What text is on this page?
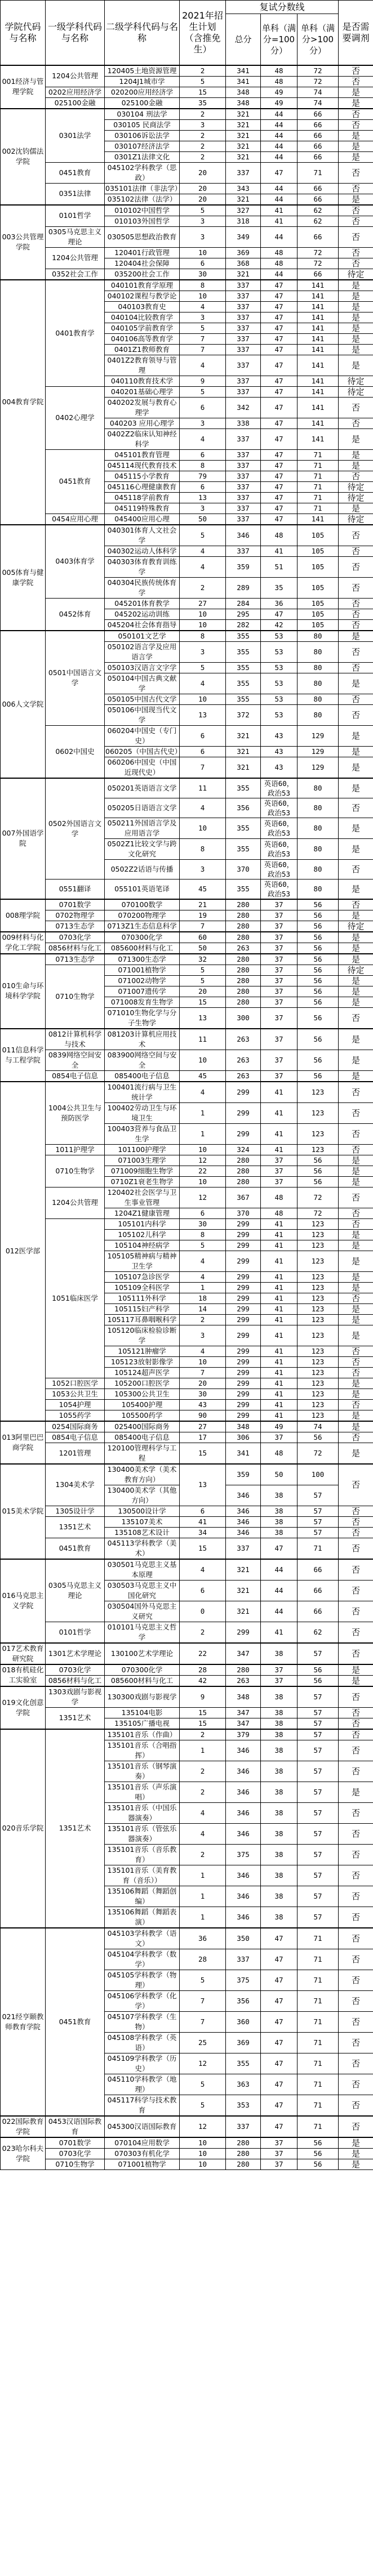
学院代码与名称	一级学科代码与名称	二级学科代码与名称	2021年招生计划（含推免生）	复试分数线			是否需要调剂
				总分	单科（满分=100分）	单科（满分>100分）	
001经济与管理学院	1204公共管理	120405土地资源管理	2	341	48	72	否
		1204J1城市学	5	341	48	72	否
	0202应用经济学	020200应用经济学	15	348	49	74	是
	025100金融	025100金融	35	348	49	74	是
002沈钧儒法学院	0301法学	030104 刑法学	2	321	44	66	否
		030105 民商法学	3	321	44	66	否
		030106诉讼法学	2	321	44	66	是
		030107经济法学	2	321	44	66	是
		0301Z1法律文化	2	321	44	66	是
	0451教育	045102学科教学（思政）	20	337	47	71	否
	0351法律	035101法律（非法学）	20	343	44	66	否
		035102法律（法学）	20	321	44	66	是
003公共管理学院	0101哲学	010102中国哲学	5	327	41	62	否
		010103外国哲学	3	318	41	62	否
	0305马克思主义理论	030505思想政治教育	3	349	44	66	否
	1204公共管理	120401行政管理	10	369	48	72	否
		120404社会保障	6	368	48	72	否
	0352社会工作	035200社会工作	30	321	44	66	待定
004教育学院	0401教育学	040101教育学原理	8	337	47	141	是
		040102课程与教学论	10	337	47	141	是
		040103教育史	4	337	47	141	是
		040104比较教育学	3	337	47	141	是
		040105学前教育学	5	337	47	141	是
		040106高等教育学	7	337	47	141	是
		0401Z1教师教育	7	337	47	141	是
		0401Z2教育领导与管理	4	337	47	141	是
		040110教育技术学	9	337	47	141	待定
	0402心理学	040201基础心理学	5	337	47	141	待定
		040202发展与教育心理学	6	342	47	141	否
		040203 应用心理学	3	338	47	141	否
		0402Z2临床认知神经科学	4	337	47	141	是
	0451教育	045101教育管理	6	337	47	71	是
		045114现代教育技术	8	337	47	71	是
		045115小学教育	79	337	47	71	否
		045116心理健康教育	6	337	47	71	待定
		045118学前教育	13	337	47	71	待定
		045119特殊教育	3	337	47	71	是
	0454应用心理	045400应用心理	50	337	47	141	待定
005体育与健康学院	0403体育学	040301体育人文社会学	5	346	48	105	否
		040302运动人体科学	4	337	41	105	否
		040303体育教育训练学	4	359	51	105	否
		040304民族传统体育学	2	289	35	105	否
	0452体育	045201体育教学	27	284	36	105	否
		045202运动训练	10	295	47	105	否
		045204社会体育指导	10	282	42	105	否
006人文学院	0501中国语言文学	050101文艺学	8	355	53	80	是
		050102语言学及应用语言学	3	355	53	80	否
		050103汉语言文字学	5	355	53	80	否
		050104中国古典文献学	4	355	53	80	是
		050105中国古代文学	10	355	53	80	否
		050106中国现当代文学	13	372	53	80	否
	0602中国史	060204中国史（专门史）	6	321	43	129	是
		060205（中国古代史）	6	321	43	129	是
		060206中国史（中国近现代史）	7	321	43	129	是
007外国语学院	0502外国语言文学	050201英语语言文学	11	355	英语60，政治53	80	是
		050205日语语言文学	4	356	英语60，政治53	80	否
		050211外国语言学及应用语言学	10	355	英语60，政治53	80	是
		0502Z1比较文学与跨文化研究	8	355	英语60，政治53	80	是
		0502Z2话语与传播	3	370	英语60，政治53	80	否
	0551翻译	055101英语笔译	45	355	英语60，政治53	80	是
008理学院	0701数学	070100数学	21	280	37	56	否
	0702物理学	070200物理学	19	280	37	56	是
	0713生态学	0713Z1生态信息科学	7	280	37	56	待定
009材料与化学化工学院	0703化学	070300化学	60	280	37	56	是
	0856材料与化工	085600材料与化工	50	263	37	56	是
010生命与环境科学学院	0713生态学	071300生态学	32	280	37	56	是
	0710生物学	071001植物学	5	280	37	56	待定
		071002动物学	5	280	37	56	是
		071007遗传学	20	280	37	56	是
		071008发育生物学	15	280	37	56	是
		071010生物化学与分子生物学	13	300	37	56	否
011信息科学与工程学院	0812计算机科学与技术	081203计算机应用技术	11	263	37	56	是
	0839网络空间安全	083900网络空间与安全	10	263	37	56	是
	0854电子信息	085400电子信息	45	263	37	56	是
012医学部	1004公共卫生与预防医学	100401流行病与卫生统计学	4	299	41	123	否
		100402劳动卫生与环境卫生	1	299	41	123	否
		100403营养与食品卫生学	1	299	41	123	否
	1011护理学	101100护理学	10	324	41	123	否
	0710生物学	071003生理学	12	280	37	56	是
		071009细胞生物学	22	280	37	56	是
		0710Z1衰老生物学	10	280	37	56	是
	1204公共管理	120402社会医学与卫生事业管理	12	367	48	72	否
		1204Z1健康管理	6	370	48	72	否
	1051临床医学	105101内科学	30	299	41	123	否
		105102儿科学	8	299	41	123	是
		105104神经病学	5	299	41	123	是
		105105精神病与精神卫生学	4	299	41	123	是
		105107急诊医学	4	299	41	123	是
		105109全科医学	1	299	41	123	是
		105111外科学	18	299	41	123	否
		105115妇产科学	14	299	41	123	是
		105117耳鼻咽喉科学	2	299	41	123	是
		105120临床检验诊断学	3	299	41	123	是
		105121肿瘤学	4	299	41	123	否
		105123放射影像学	10	299	41	123	否
		105124超声医学	7	299	41	123	否
	1052口腔医学	105200口腔医学	20	299	41	123	是
	1053公共卫生	105300公共卫生	30	299	41	123	是
	1054护理	105400护理	43	299	41	123	否
	1055药学	105500药学	90	299	41	123	是
013阿里巴巴商学院	0254国际商务	025400国际商务	27	348	49	74	是
	0854电子信息	085400电子信息	17	306	37	56	否
	1201管理	120100管理科学与工程	15	341	48	72	是
015美术学院	1304美术学	130400美术学（美术教育方向）	13	359	50	100	否
		130400美术学（其他方向）		346	38	57	
	1305设计学	130500设计学	6	346	38	57	否
	1351艺术	135107美术	41	346	38	57	否
		135108艺术设计	34	346	38	57	否
	0451教育	045113学科教学（美术）	15	337	47	71	否
016马克思主义学院	0305马克思主义理论	030501马克思主义基本原理	4	321	44	66	否
		030503马克思主义中国化研究	6	321	44	66	否
		030504国外马克思主义研究	0	321	44	66	否
	0101哲学	010101马克思主义哲学	2	299	41	62	否
017艺术教育研究院	1301艺术学理论	130100艺术学理论	22	347	38	57	否
018有机硅化工实验室	0703化学	070300化学	28	280	37	56	是
	0856材料与化工	085600材料与化工	42	263	37	56	是
019文化创意学院	1303戏剧与影视学	130300戏剧与影视学	9	348	38	57	否
	1351艺术	135104电影	15	347	38	57	否
		135105广播电视	15	347	38	57	否
020音乐学院	1351艺术	135101音乐（作曲）	2	379	38	57	否
		135101音乐（合唱指挥）	1	346	38	57	否
		135101音乐（钢琴演奏）	2	346	38	57	否
		135101音乐（声乐演唱）	2	346	38	57	是
		135101音乐（中国乐器演奏）	4	346	38	57	否
		135101音乐（管弦乐器演奏）	4	346	38	57	否
		135101音乐（音乐教育）	2	375	38	57	否
		135101音乐（美育教育（音乐））	1	346	38	57	否
		135106舞蹈（舞蹈创编）	1	346	38	57	否
		135106舞蹈（舞蹈表演）	1	346	38	57	否
021经亨颐教师教育学院	0451教育	045103学科教学（语文）	36	350	47	71	否
		045104学科教学（数学）	28	337	47	71	否
		045105学科教学（物理）	5	375	47	71	否
		045106学科教学（化学）	7	356	47	71	否
		045107学科教学（生物）	7	360	47	71	否
		045108学科教学（英语）	25	369	47	71	否
		045109学科教学（历史）	12	355	47	71	否
		045110学科教学（地理）	5	363	47	71	否
		045117科学与技术教育	5	353	47	71	否
022国际教育学院	0453汉语国际教育	045300汉语国际教育	12	337	47	71	否
023哈尔科夫学院	0701数学	070104应用数学	10	280	37	56	是
	0703化学	070303有机化学	10	280	37	56	是
	0710生物学	071001植物学	10	280	37	56	是
